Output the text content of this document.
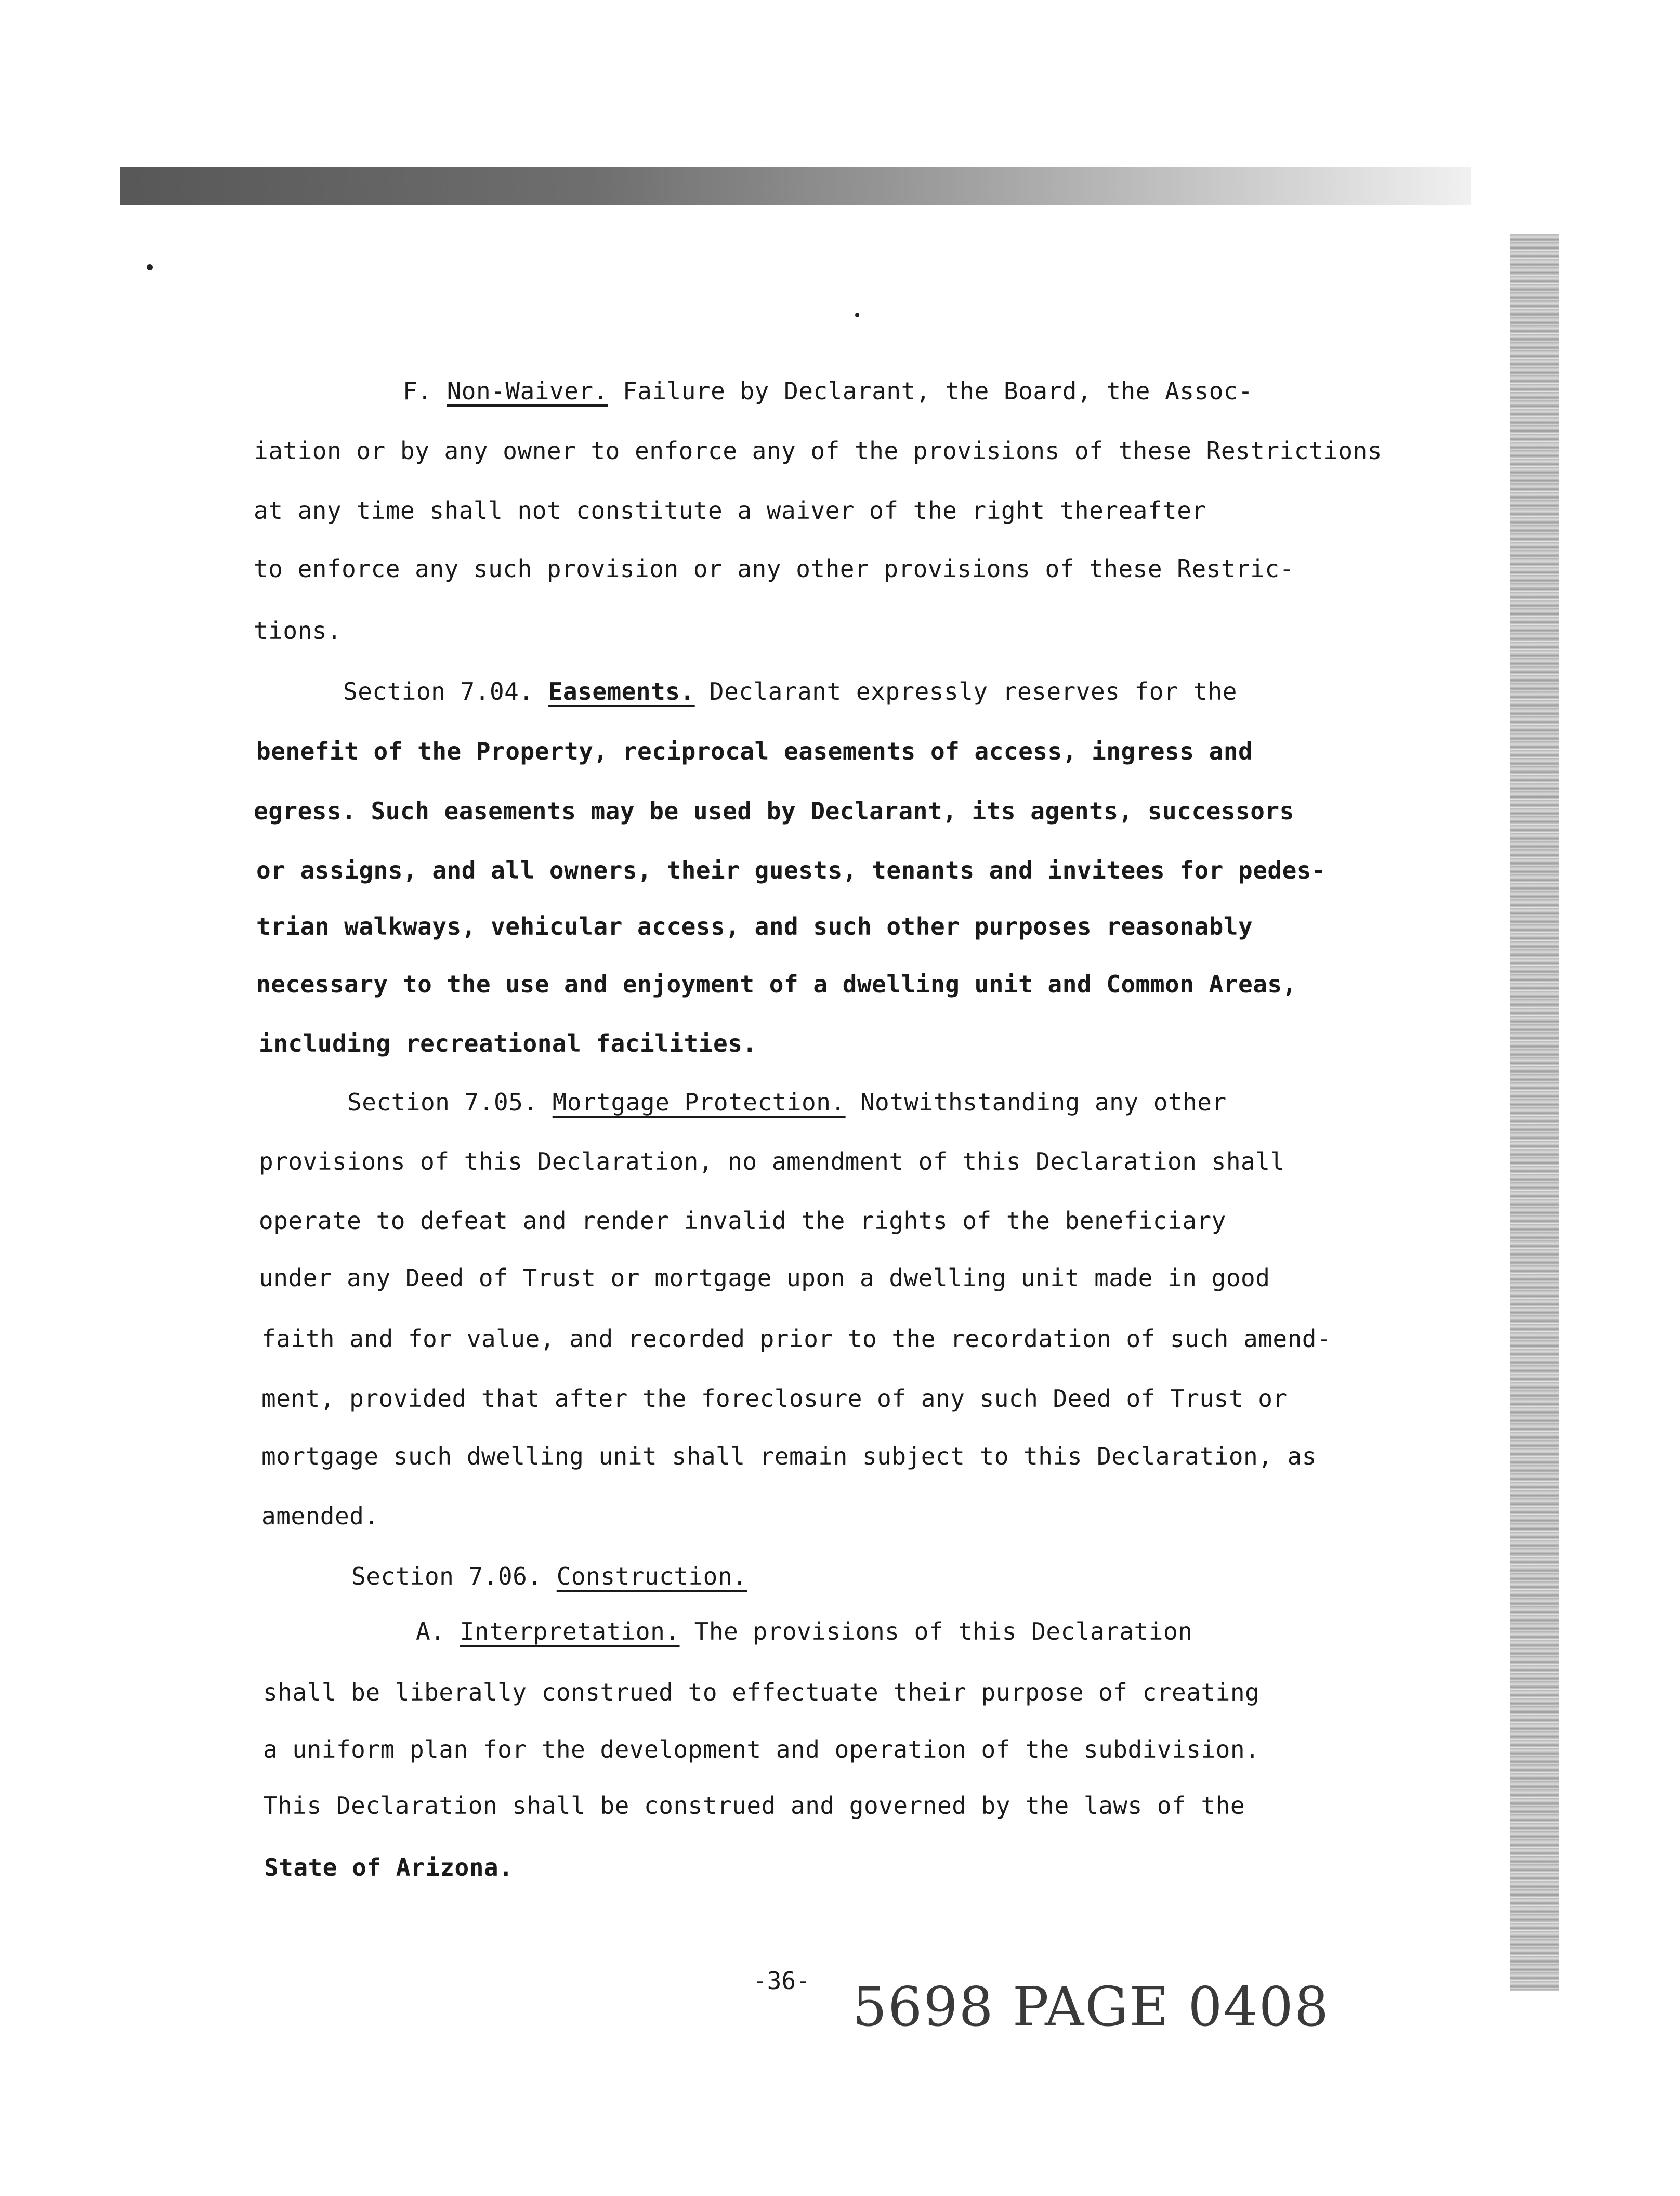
F. Non-Waiver. Failure by Declarant, the Board, the Assoc-
iation or by any owner to enforce any of the provisions of these Restrictions
at any time shall not constitute a waiver of the right thereafter
to enforce any such provision or any other provisions of these Restric-
tions.
Section 7.04. Easements. Declarant expressly reserves for the
benefit of the Property, reciprocal easements of access, ingress and
egress. Such easements may be used by Declarant, its agents, successors
or assigns, and all owners, their guests, tenants and invitees for pedes-
trian walkways, vehicular access, and such other purposes reasonably
necessary to the use and enjoyment of a dwelling unit and Common Areas,
including recreational facilities.
Section 7.05. Mortgage Protection. Notwithstanding any other
provisions of this Declaration, no amendment of this Declaration shall
operate to defeat and render invalid the rights of the beneficiary
under any Deed of Trust or mortgage upon a dwelling unit made in good
faith and for value, and recorded prior to the recordation of such amend-
ment, provided that after the foreclosure of any such Deed of Trust or
mortgage such dwelling unit shall remain subject to this Declaration, as
amended.
Section 7.06. Construction.
A. Interpretation. The provisions of this Declaration
shall be liberally construed to effectuate their purpose of creating
a uniform plan for the development and operation of the subdivision.
This Declaration shall be construed and governed by the laws of the
State of Arizona.
-36- 5698 PAGE 0408
